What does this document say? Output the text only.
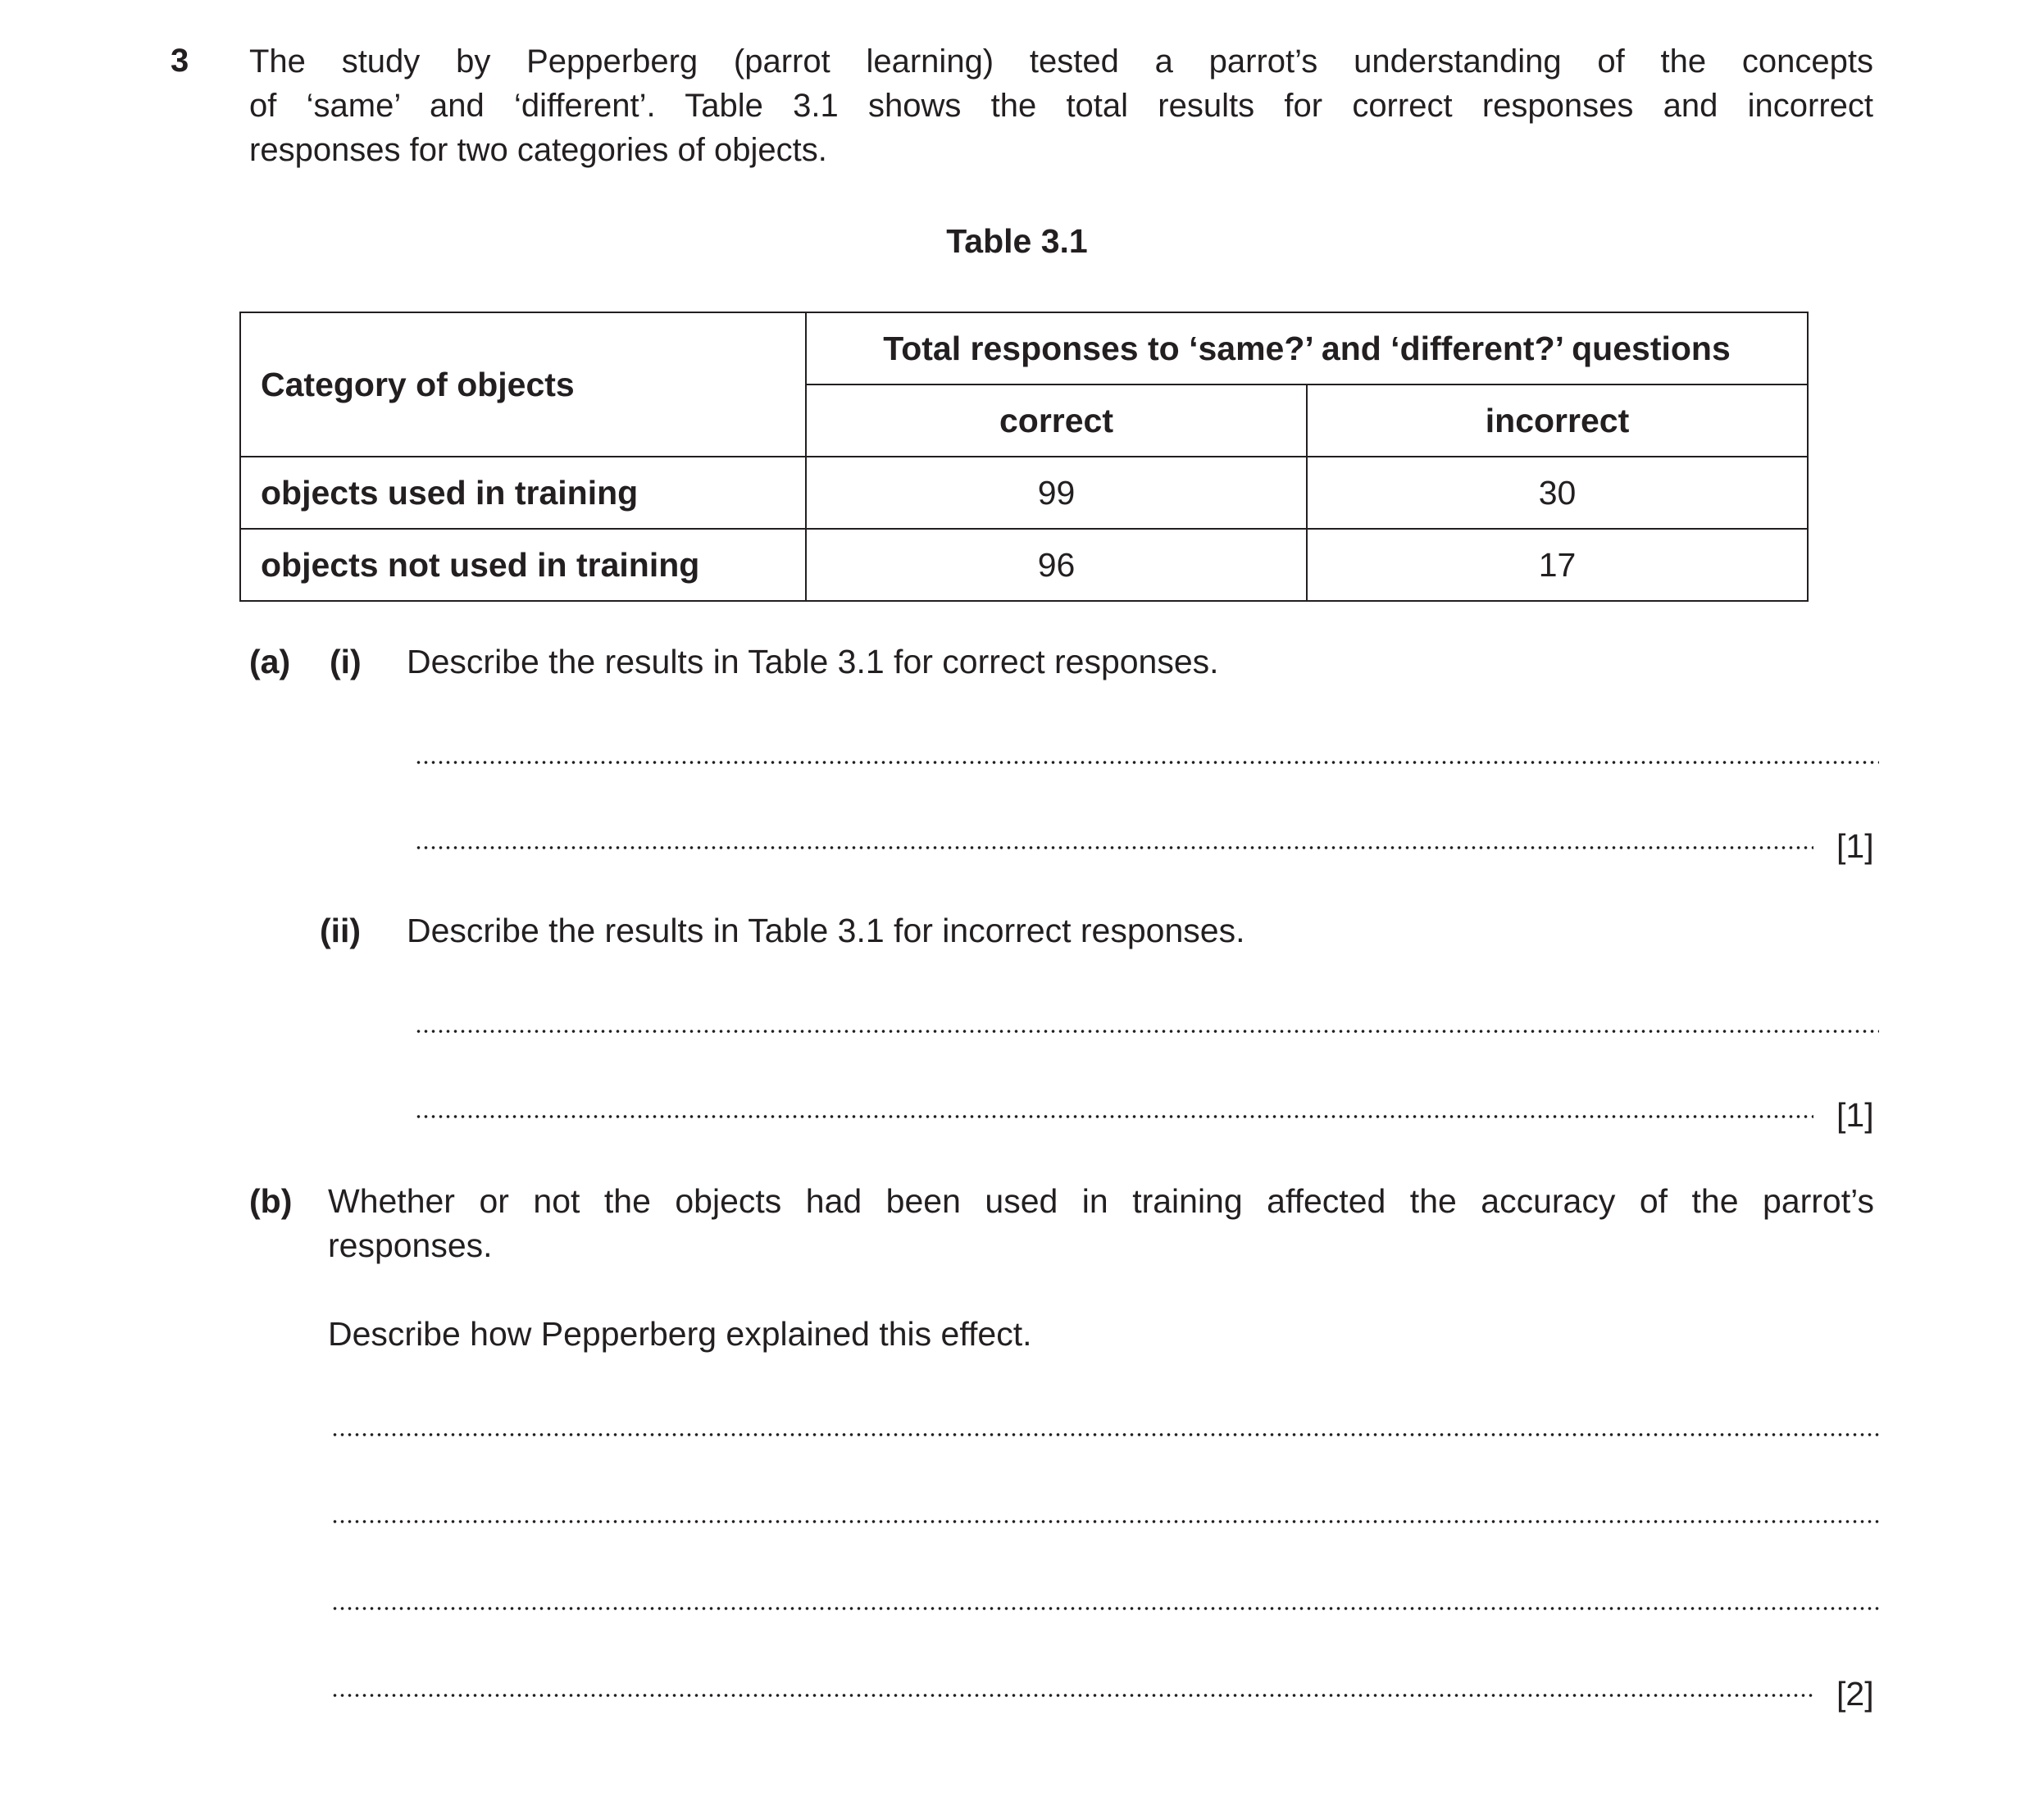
3 The study by Pepperberg (parrot learning) tested a parrot’s understanding of the concepts
of ‘same’ and ‘different’. Table 3.1 shows the total results for correct responses and incorrect
responses for two categories of objects.
Table 3.1
Category of objects	Total responses to ‘same?’ and ‘different?’ questions	
	correct	incorrect
objects used in training	99	30
objects not used in training	96	17
(a) (i) Describe the results in Table 3.1 for correct responses.
[1]
(ii) Describe the results in Table 3.1 for incorrect responses.
[1]
(b) Whether or not the objects had been used in training affected the accuracy of the parrot’s
responses.
Describe how Pepperberg explained this effect.
[2]
